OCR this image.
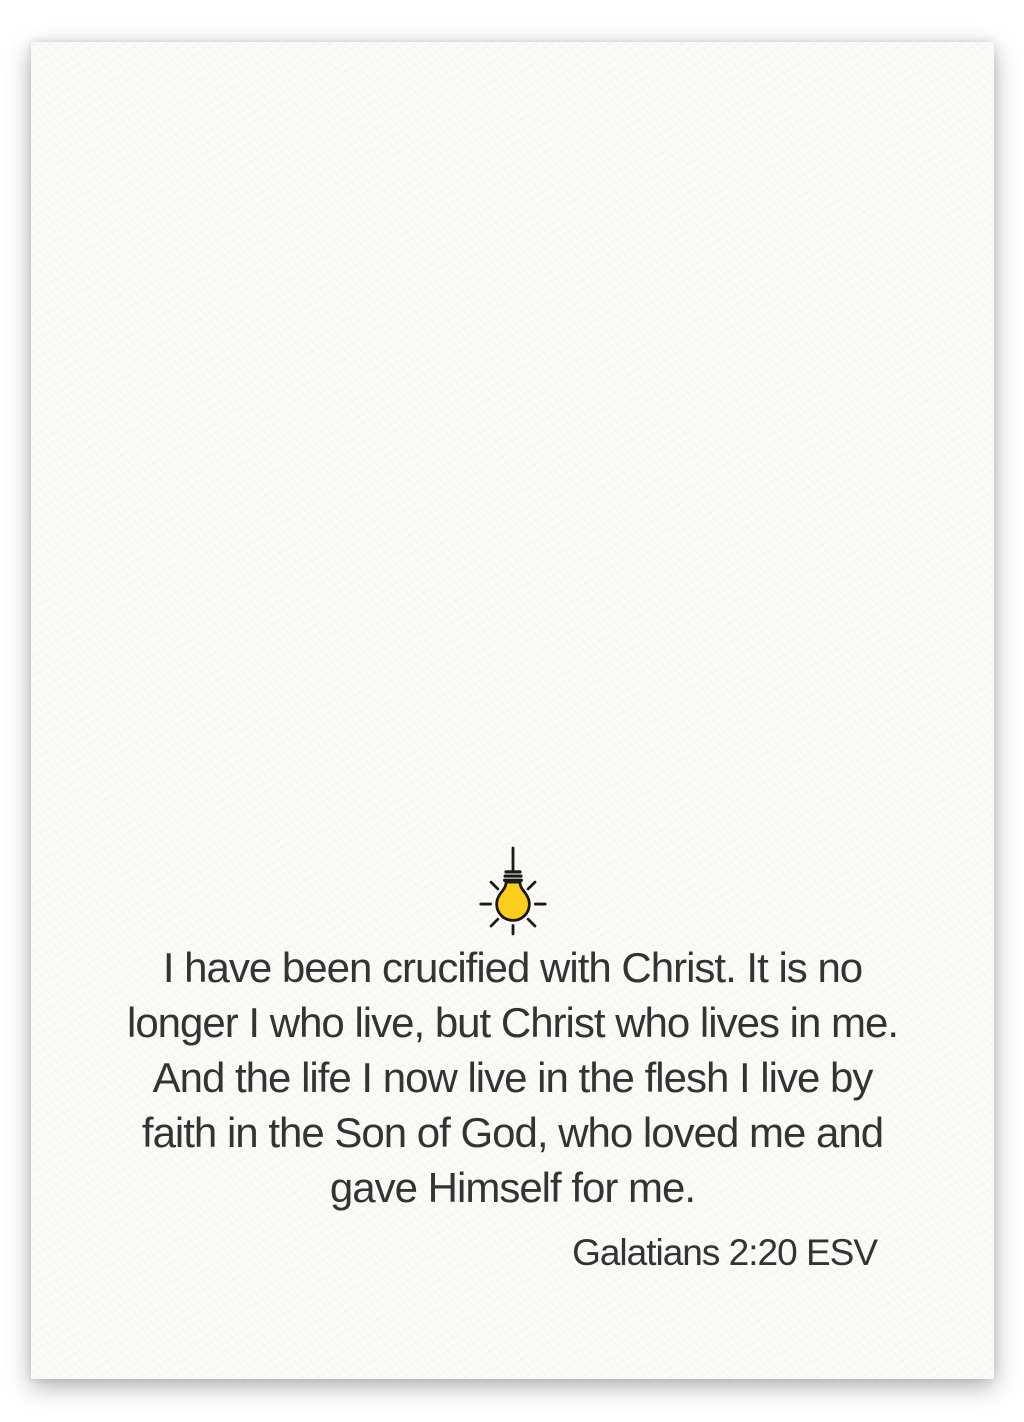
I have been crucified with Christ. It is no
longer I who live, but Christ who lives in me.
And the life I now live in the flesh I live by
faith in the Son of God, who loved me and
gave Himself for me.
Galatians 2:20 ESV
